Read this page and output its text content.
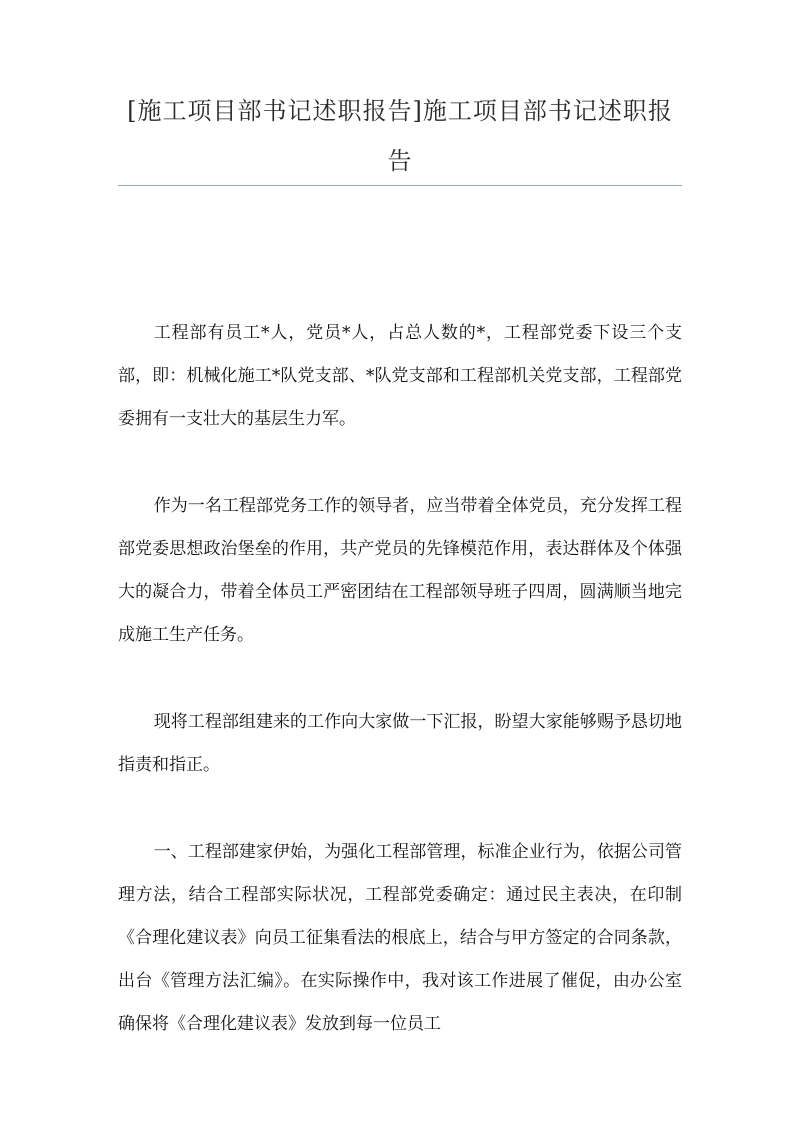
[施工项目部书记述职报告]施工项目部书记述职报告

工程部有员工*人，党员*人，占总人数的*，工程部党委下设三个支部，即：机械化施工*队党支部、*队党支部和工程部机关党支部，工程部党委拥有一支壮大的基层生力军。

作为一名工程部党务工作的领导者，应当带着全体党员，充分发挥工程部党委思想政治堡垒的作用，共产党员的先锋模范作用，表达群体及个体强大的凝合力，带着全体员工严密团结在工程部领导班子四周，圆满顺当地完成施工生产任务。

现将工程部组建来的工作向大家做一下汇报，盼望大家能够赐予恳切地指责和指正。

一、工程部建家伊始，为强化工程部管理，标准企业行为，依据公司管理方法，结合工程部实际状况，工程部党委确定：通过民主表决，在印制《合理化建议表》向员工征集看法的根底上，结合与甲方签定的合同条款，出台《管理方法汇编》。在实际操作中，我对该工作进展了催促，由办公室确保将《合理化建议表》发放到每一位员工
